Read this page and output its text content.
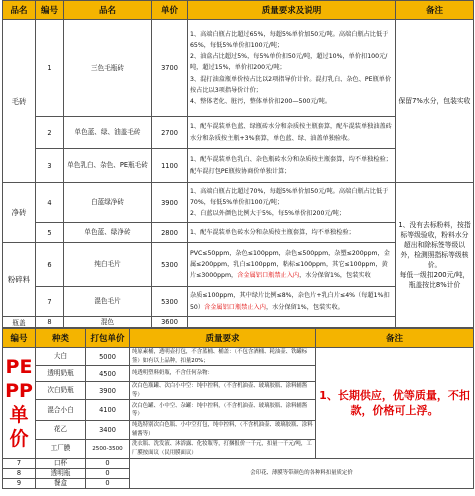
品名	编号	品名	单价	质量要求及说明	备注
毛砖	1	三色毛瓶砖	3700	1、高端白瓶占比超过65%，每超5%单价加50元/吨。高端白瓶占比低于65%，每低5%单价扣100元/吨；
2、油盒占比超过5%，每5%单价扣50元/吨，超过10%，单价扣100元/吨，超过15%，单价扣200元/吨；
3、混打油盒瓶单价按占比以2项指导价计价。混打乳白、杂色、PE瓶单价按占比以3项指导价计价；
4、整体老化、脏污，整体单价扣200—500元/吨。	保留7%水分，包装实收
	2	单色蓝、绿、油盖毛砖	2700	1、配车混装单色蓝、绿瓶砖水分和杂质按主瓶套算，配车混装单独油盖砖水分和杂质按主瓶+3%套算，单色蓝、绿、油盖单独验收。	
	3	单色乳白、杂色、PE瓶毛砖	1100	1、配车混装单色乳白、杂色瓶砖水分和杂质按主瓶套算，均不单独检验；配车混打包PE瓶按协商价单独计算；	
净砖	4	白蓝绿净砖	3900	1、高端白瓶占比超过70%，每超5%单价加50元/吨。高端白瓶占比低于70%，每低5%单价扣100元/吨；
2、白蓝以外颜色比例大于5%，每5%单价扣200元/吨；	1、没有去标粉料，按指标等级验收，粉料水分超出和除标签等级以外，检测照指标等级核价。
每低一级扣200元/吨，瓶盖按比8%计价

	5	单色蓝、绿净砖	2800	1、配车混装单色砖水分和杂质按主瓶套算，均不单独检验；	
粉碎料	6	纯白毛片	5300	PVC≤50ppm，杂色≤100ppm，杂色≤500ppm，杂塑≤200ppm，金属≤200ppm，乳白≤100ppm，粘标≤100ppm，其它≤100ppm，黄片≤3000ppm，含金属铝口瓶禁止入内，水分保留1%，包装实收	
	7	混色毛片	5300	杂质≤100ppm，其中绿片比例≤8%，杂色片+乳白片≤4%（每超1%扣50）含金属铝口瓶禁止入内，水分保留1%，包装实收。	
瓶盖	8	混色	3600		
编号	种类	打包单价	质量要求	备注
PE PP 单价	大白	5000	纯原素桶，透明壶打包，不含蓝桶、桶盖：（不包含酒桶、耗油壶、铁罐标签）如有以上品种，扣量20%；	1、长期供应，优等质量，不扣款，价格可上浮。
	透明奶瓶	4500	纯透明塑料奶瓶，不含任何杂物：	
	次白奶瓶	3900	次白色瓶罐、次白小中空：纯中控料，（不含机油壶、玻璃胶瓶、涂料辅酱等）	
	混合小白	4100	次白色罐、小中空、杂罐：纯中控料，（不含机油壶、玻璃胶瓶、涂料辅酱等）	
	花乙	3400	纯选特别次白色瓶、小中空打包，纯中控料，（不含机油壶、玻璃胶瓶、涂料辅酱等）	
	工厂膜	2500-3500	洗衣瓶、洗发液、沐浴露、化妆瓶等，打捆报价一千元，扣量一千元/吨，工厂膜按面议（民用膜面议）	
7	口杯	0	会印花、薄膜等带颜色的各种料扣量质定价	
8	透明瓶	0		
9	餐盒	0		
